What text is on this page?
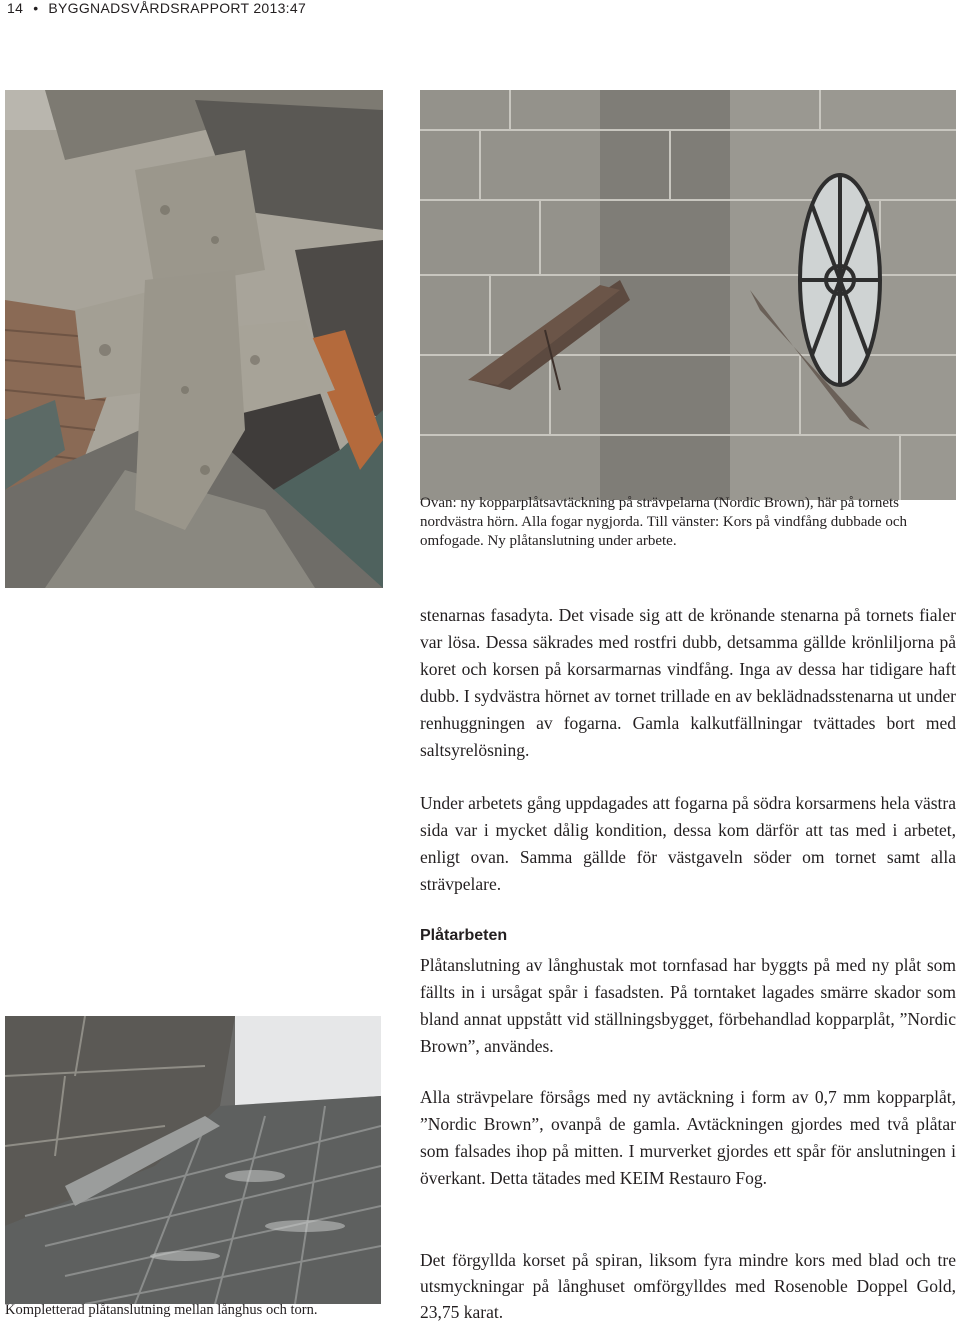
14 • BYGGNADSVÅRDSRAPPORT 2013:47
Ovan: ny kopparplåtsavtäckning på strävpelarna (Nordic Brown), här på tornets nordvästra hörn. Alla fogar nygjorda. Till vänster: Kors på vindfång dubbade och omfogade. Ny plåtanslutning under arbete.

stenarnas fasadyta. Det visade sig att de krönande stenarna på tornets fialer var lösa. Dessa säkrades med rostfri dubb, detsamma gällde krönliljorna på koret och korsen på korsarmarnas vindfång. Inga av dessa har tidigare haft dubb. I sydvästra hörnet av tornet trillade en av beklädnadsstenarna ut under renhuggningen av fogarna. Gamla kalkutfällningar tvättades bort med saltsyrelösning.

Under arbetets gång uppdagades att fogarna på södra korsarmens hela västra sida var i mycket dålig kondition, dessa kom därför att tas med i arbetet, enligt ovan. Samma gällde för västgaveln söder om tornet samt alla strävpelare.

Plåtarbeten

Plåtanslutning av långhustak mot tornfasad har byggts på med ny plåt som fällts in i ursågat spår i fasadsten. På torntaket lagades smärre skador som bland annat uppstått vid ställningsbygget, förbehandlad kopparplåt, ”Nordic Brown”, användes.

Alla strävpelare försågs med ny avtäckning i form av 0,7 mm kopparplåt, ”Nordic Brown”, ovanpå de gamla. Avtäckningen gjordes med två plåtar som falsades ihop på mitten. I murverket gjordes ett spår för anslutningen i överkant. Detta tätades med KEIM Restauro Fog.

Det förgyllda korset på spiran, liksom fyra mindre kors med blad och tre utsmyckningar på långhuset omförgylldes med Rosenoble Doppel Gold, 23,75 karat.

Kompletterad plåtanslutning mellan långhus och torn.
